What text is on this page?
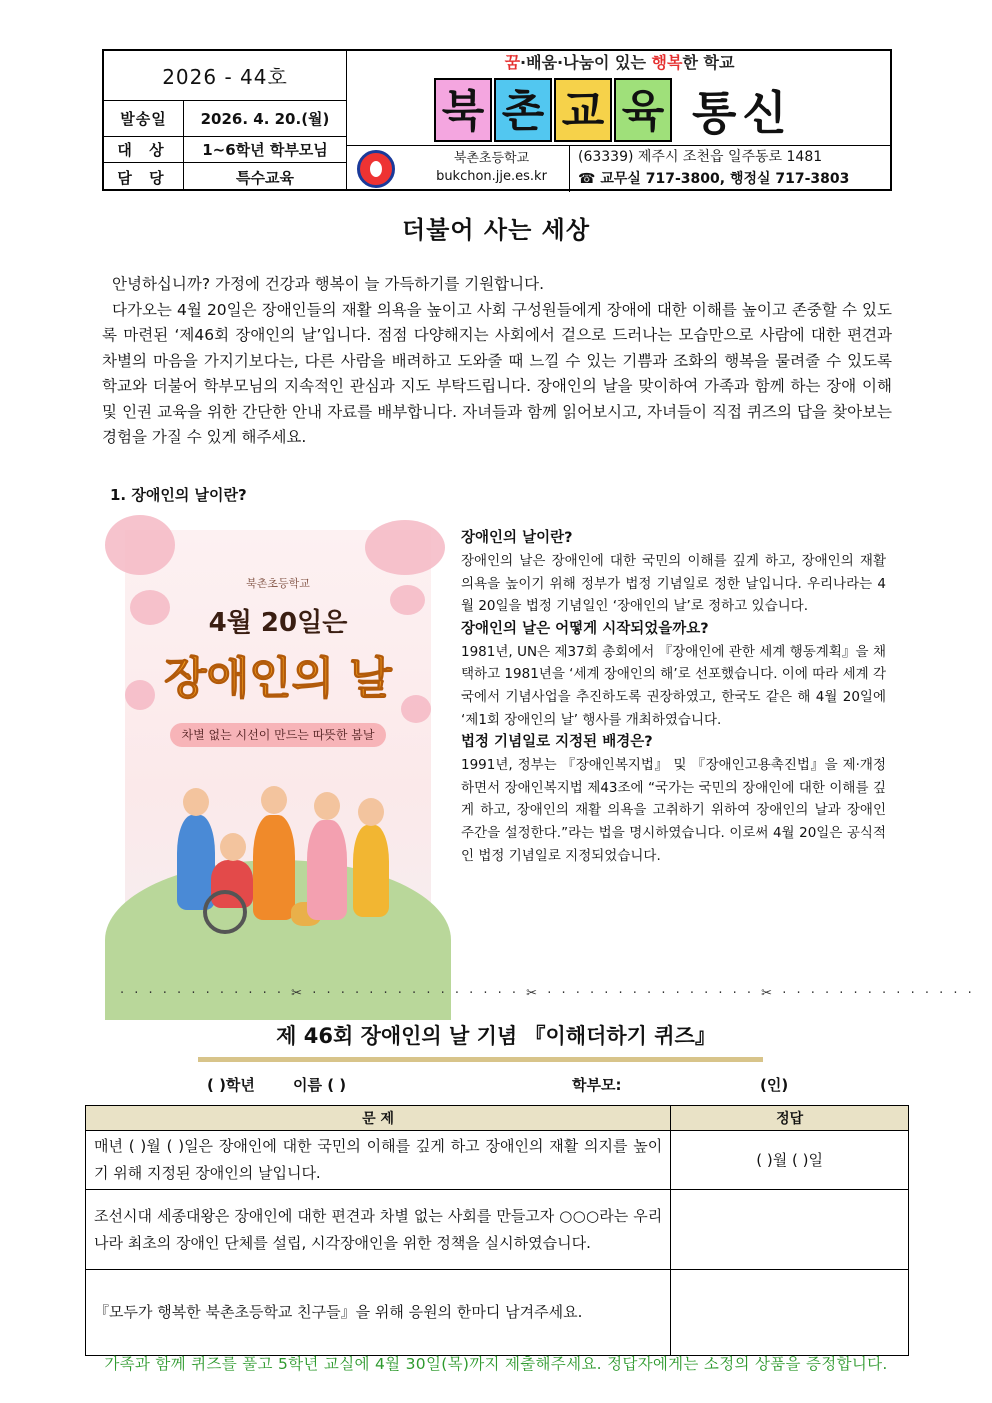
2026 - 44호
발송일	2026. 4. 20.(월)
대 상	1~6학년 학부모님
담 당	특수교육
꿈·배움·나눔이 있는 행복한 학교
북 촌 교 육 통신
북촌초등학교
bukchon.jje.es.kr
(63339) 제주시 조천읍 일주동로 1481
☎ 교무실 717-3800, 행정실 717-3803
더불어 사는 세상

안녕하십니까? 가정에 건강과 행복이 늘 가득하기를 기원합니다.

다가오는 4월 20일은 장애인들의 재활 의욕을 높이고 사회 구성원들에게 장애에 대한 이해를 높이고 존중할 수 있도록 마련된 ‘제46회 장애인의 날’입니다. 점점 다양해지는 사회에서 겉으로 드러나는 모습만으로 사람에 대한 편견과 차별의 마음을 가지기보다는, 다른 사람을 배려하고 도와줄 때 느낄 수 있는 기쁨과 조화의 행복을 물려줄 수 있도록 학교와 더불어 학부모님의 지속적인 관심과 지도 부탁드립니다. 장애인의 날을 맞이하여 가족과 함께 하는 장애 이해 및 인권 교육을 위한 간단한 안내 자료를 배부합니다. 자녀들과 함께 읽어보시고, 자녀들이 직접 퀴즈의 답을 찾아보는 경험을 가질 수 있게 해주세요.

1. 장애인의 날이란?
북촌초등학교
4월 20일은
장애인의 날
차별 없는 시선이 만드는 따뜻한 봄날
장애인의 날이란?

장애인의 날은 장애인에 대한 국민의 이해를 깊게 하고, 장애인의 재활 의욕을 높이기 위해 정부가 법정 기념일로 정한 날입니다. 우리나라는 4월 20일을 법정 기념일인 ‘장애인의 날’로 정하고 있습니다.

장애인의 날은 어떻게 시작되었을까요?

1981년, UN은 제37회 총회에서 『장애인에 관한 세계 행동계획』을 채택하고 1981년을 ‘세계 장애인의 해’로 선포했습니다. 이에 따라 세계 각국에서 기념사업을 추진하도록 권장하였고, 한국도 같은 해 4월 20일에 ‘제1회 장애인의 날’ 행사를 개최하였습니다.

법정 기념일로 지정된 배경은?

1991년, 정부는 『장애인복지법』 및 『장애인고용촉진법』을 제·개정하면서 장애인복지법 제43조에 “국가는 국민의 장애인에 대한 이해를 깊게 하고, 장애인의 재활 의욕을 고취하기 위하여 장애인의 날과 장애인 주간을 설정한다.”라는 법을 명시하였습니다. 이로써 4월 20일은 공식적인 법정 기념일로 지정되었습니다.

· · · · · · · · · · · · ✂ · · · · · · · · · · · · · · · ✂ · · · · · · · · · · · · · · · ✂ · · · · · · · · · · · · · ·
제 46회 장애인의 날 기념 『이해더하기 퀴즈』
( )학년	이름 ( )	학부모:	(인)
문 제	정답
매년 ( )월 ( )일은 장애인에 대한 국민의 이해를 깊게 하고 장애인의 재활 의지를 높이기 위해 지정된 장애인의 날입니다.	( )월 ( )일
조선시대 세종대왕은 장애인에 대한 편견과 차별 없는 사회를 만들고자 ○○○라는 우리나라 최초의 장애인 단체를 설립, 시각장애인을 위한 정책을 실시하였습니다.	
『모두가 행복한 북촌초등학교 친구들』을 위해 응원의 한마디 남겨주세요.	
가족과 함께 퀴즈를 풀고 5학년 교실에 4월 30일(목)까지 제출해주세요. 정답자에게는 소정의 상품을 증정합니다.
